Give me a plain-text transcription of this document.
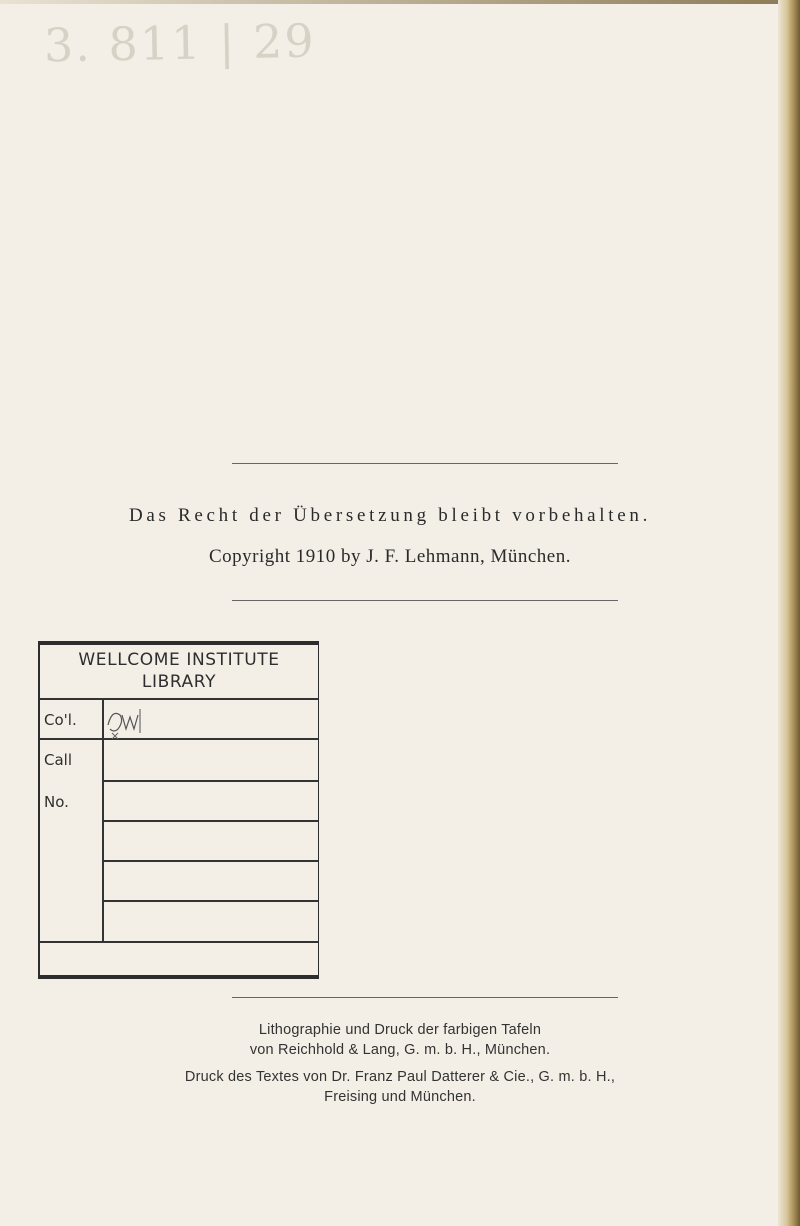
3. 811 | 29
Das Recht der Übersetzung bleibt vorbehalten.
Copyright 1910 by J. F. Lehmann, München.
WELLCOME INSTITUTE
LIBRARY
Co'l.
Call
No.
Lithographie und Druck der farbigen Tafeln
von Reichhold & Lang, G. m. b. H., München.
Druck des Textes von Dr. Franz Paul Datterer & Cie., G. m. b. H.,
Freising und München.
